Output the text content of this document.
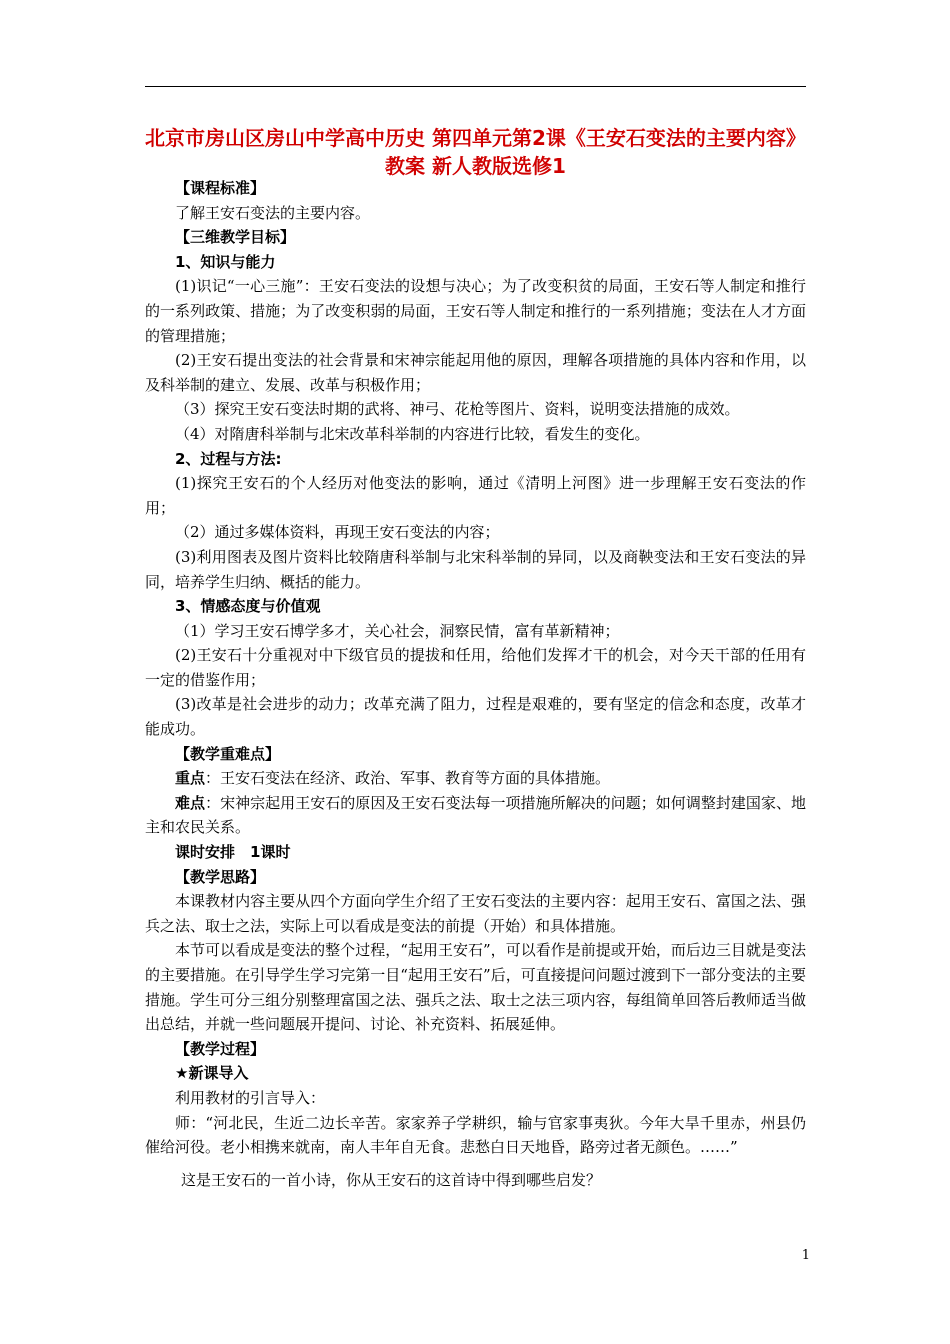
北京市房山区房山中学高中历史 第四单元第2课《王安石变法的主要内容》教案 新人教版选修1

【课程标准】

了解王安石变法的主要内容。

【三维教学目标】

1、知识与能力

(1)识记“一心三施”：王安石变法的设想与决心；为了改变积贫的局面，王安石等人制定和推行的一系列政策、措施；为了改变积弱的局面，王安石等人制定和推行的一系列措施；变法在人才方面的管理措施；

(2)王安石提出变法的社会背景和宋神宗能起用他的原因，理解各项措施的具体内容和作用，以及科举制的建立、发展、改革与积极作用；

（3）探究王安石变法时期的武将、神弓、花枪等图片、资料，说明变法措施的成效。

（4）对隋唐科举制与北宋改革科举制的内容进行比较，看发生的变化。

2、过程与方法:

(1)探究王安石的个人经历对他变法的影响，通过《清明上河图》进一步理解王安石变法的作用；

（2）通过多媒体资料，再现王安石变法的内容；

(3)利用图表及图片资料比较隋唐科举制与北宋科举制的异同，以及商鞅变法和王安石变法的异同，培养学生归纳、概括的能力。

3、情感态度与价值观

（1）学习王安石博学多才，关心社会，洞察民情，富有革新精神；

(2)王安石十分重视对中下级官员的提拔和任用，给他们发挥才干的机会，对今天干部的任用有一定的借鉴作用；

(3)改革是社会进步的动力；改革充满了阻力，过程是艰难的，要有坚定的信念和态度，改革才能成功。

【教学重难点】

重点：王安石变法在经济、政治、军事、教育等方面的具体措施。

难点：宋神宗起用王安石的原因及王安石变法每一项措施所解决的问题；如何调整封建国家、地主和农民关系。

课时安排　1课时

【教学思路】

本课教材内容主要从四个方面向学生介绍了王安石变法的主要内容：起用王安石、富国之法、强兵之法、取士之法，实际上可以看成是变法的前提（开始）和具体措施。

本节可以看成是变法的整个过程，“起用王安石”，可以看作是前提或开始，而后边三目就是变法的主要措施。在引导学生学习完第一目“起用王安石”后，可直接提问问题过渡到下一部分变法的主要措施。学生可分三组分别整理富国之法、强兵之法、取士之法三项内容，每组简单回答后教师适当做出总结，并就一些问题展开提问、讨论、补充资料、拓展延伸。

【教学过程】

★新课导入

利用教材的引言导入：

师：“河北民，生近二边长辛苦。家家养子学耕织，输与官家事夷狄。今年大旱千里赤，州县仍催给河役。老小相携来就南，南人丰年自无食。悲愁白日天地昏，路旁过者无颜色。……”

这是王安石的一首小诗，你从王安石的这首诗中得到哪些启发？

1
